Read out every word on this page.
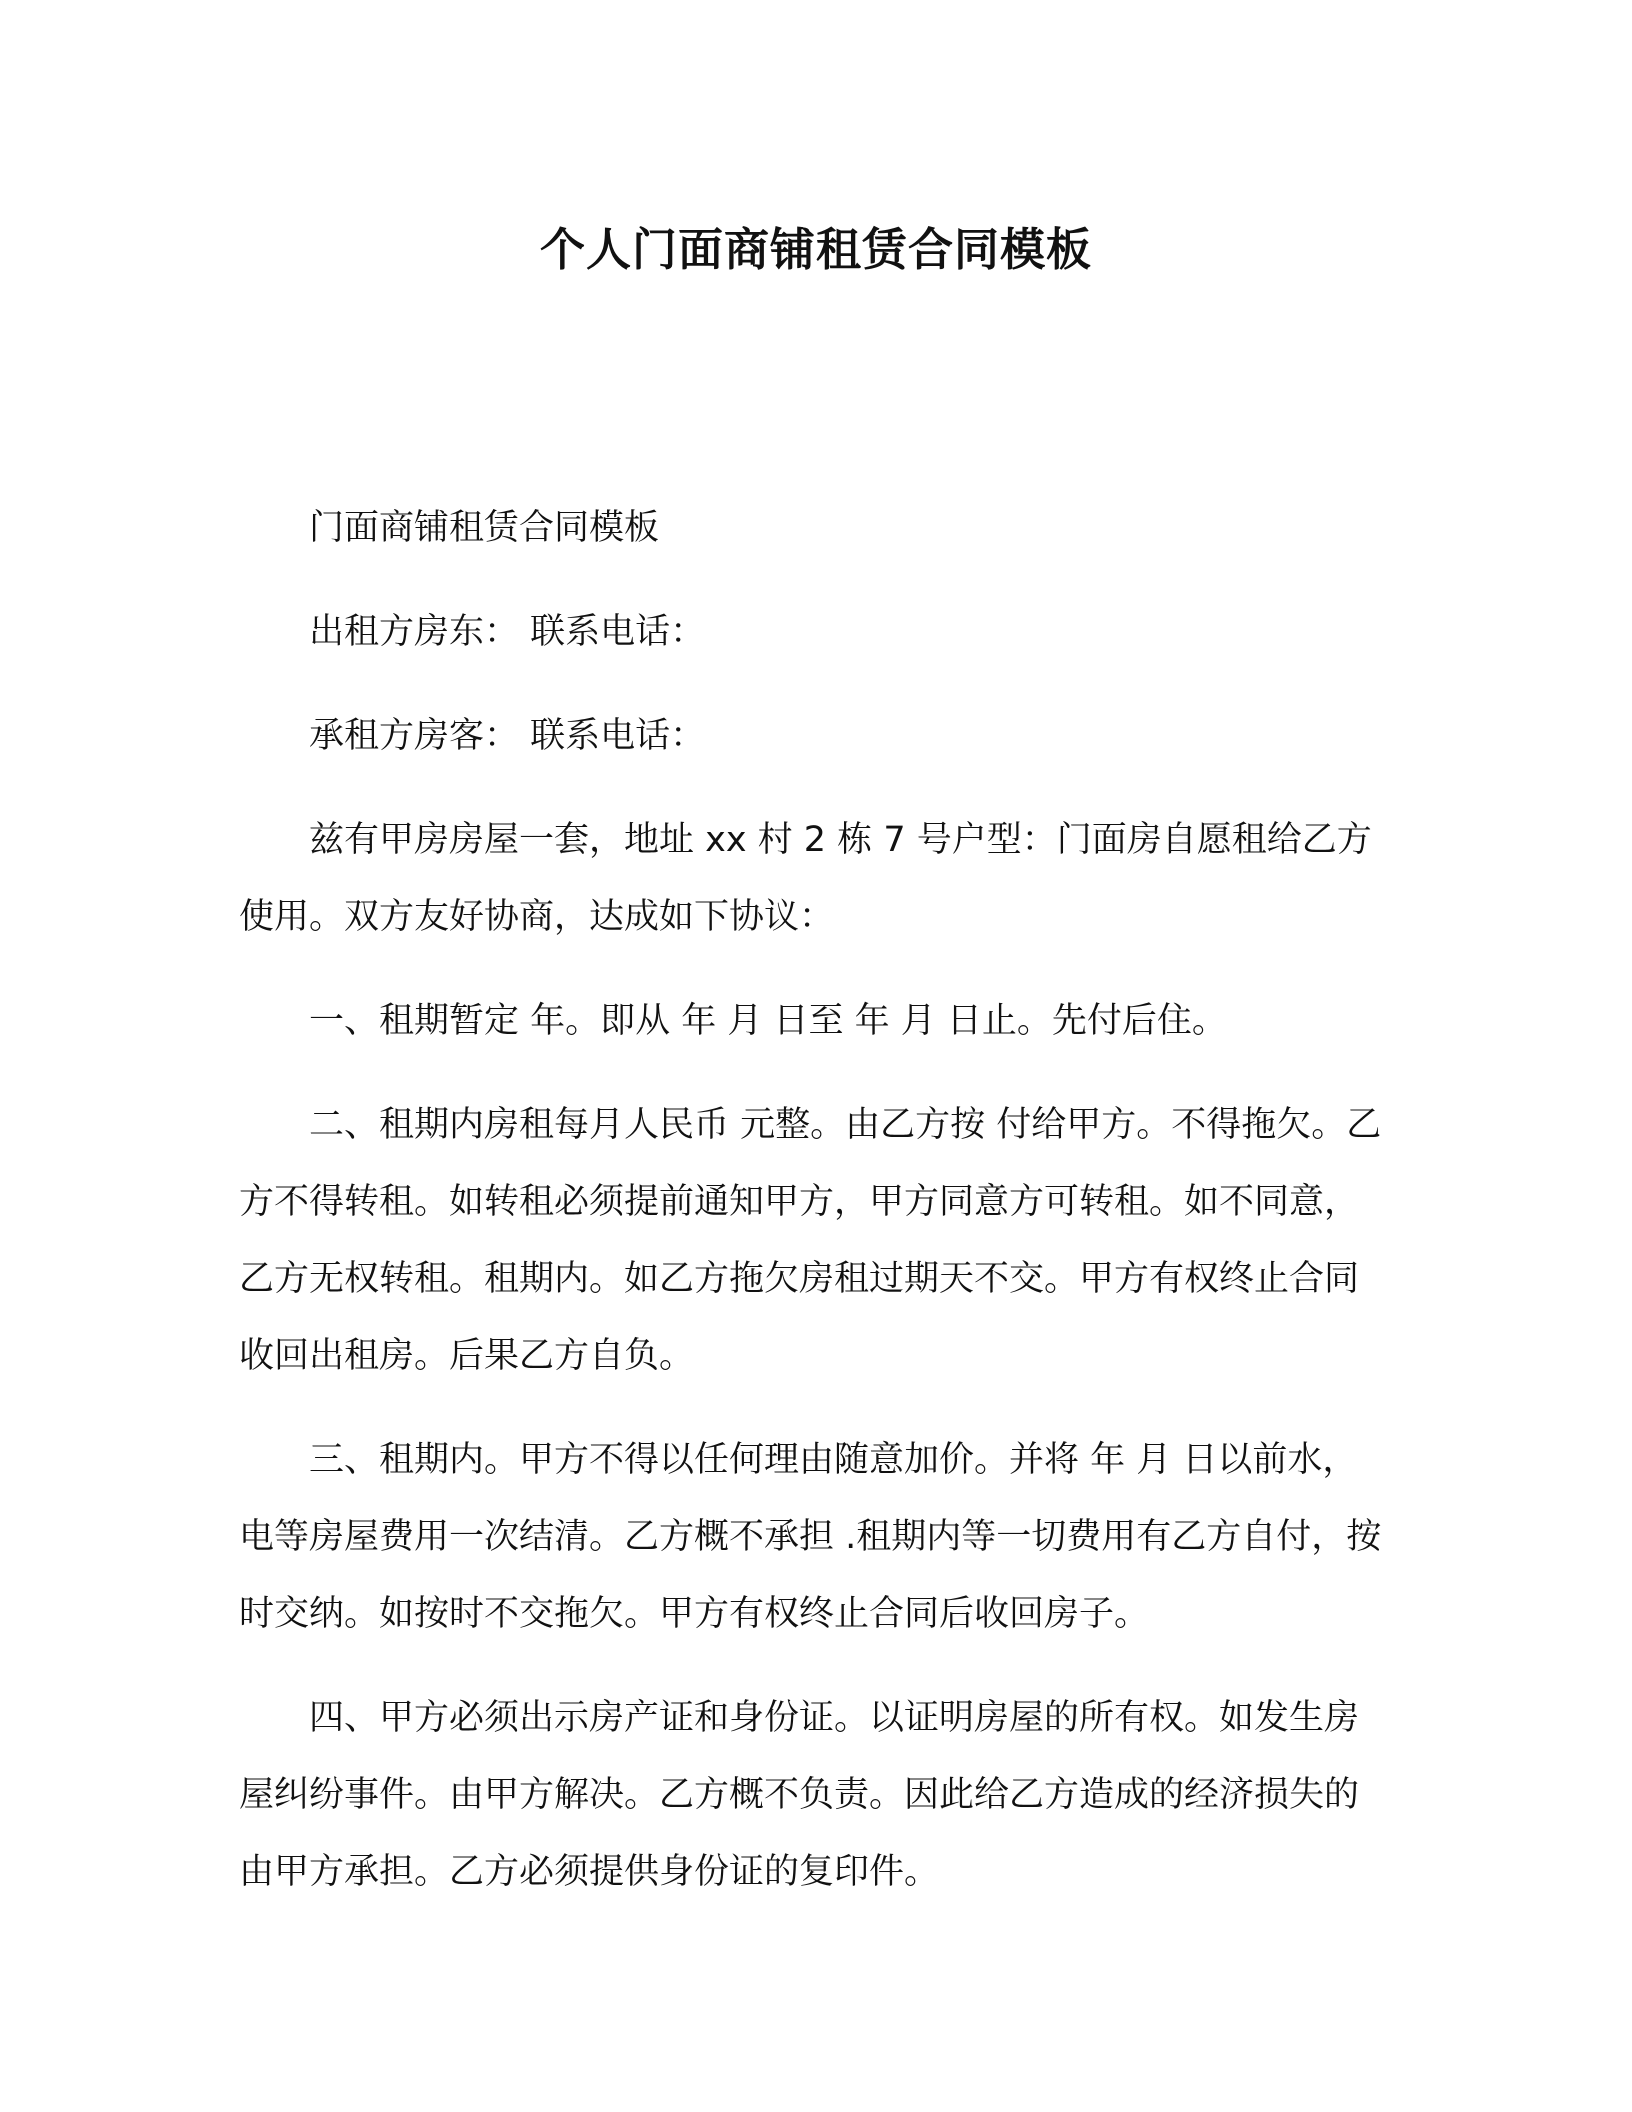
个人门面商铺租赁合同模板

门面商铺租赁合同模板

出租方房东： 联系电话：

承租方房客： 联系电话：

兹有甲房房屋一套，地址 xx 村 2 栋 7 号户型：门面房自愿租给乙方使用。双方友好协商，达成如下协议：

一、租期暂定 年。即从 年 月 日至 年 月 日止。先付后住。

二、租期内房租每月人民币 元整。由乙方按 付给甲方。不得拖欠。乙方不得转租。如转租必须提前通知甲方，甲方同意方可转租。如不同意，乙方无权转租。租期内。如乙方拖欠房租过期天不交。甲方有权终止合同收回出租房。后果乙方自负。

三、租期内。甲方不得以任何理由随意加价。并将 年 月 日以前水，电等房屋费用一次结清。乙方概不承担 .租期内等一切费用有乙方自付，按时交纳。如按时不交拖欠。甲方有权终止合同后收回房子。

四、甲方必须出示房产证和身份证。以证明房屋的所有权。如发生房屋纠纷事件。由甲方解决。乙方概不负责。因此给乙方造成的经济损失的由甲方承担。乙方必须提供身份证的复印件。
